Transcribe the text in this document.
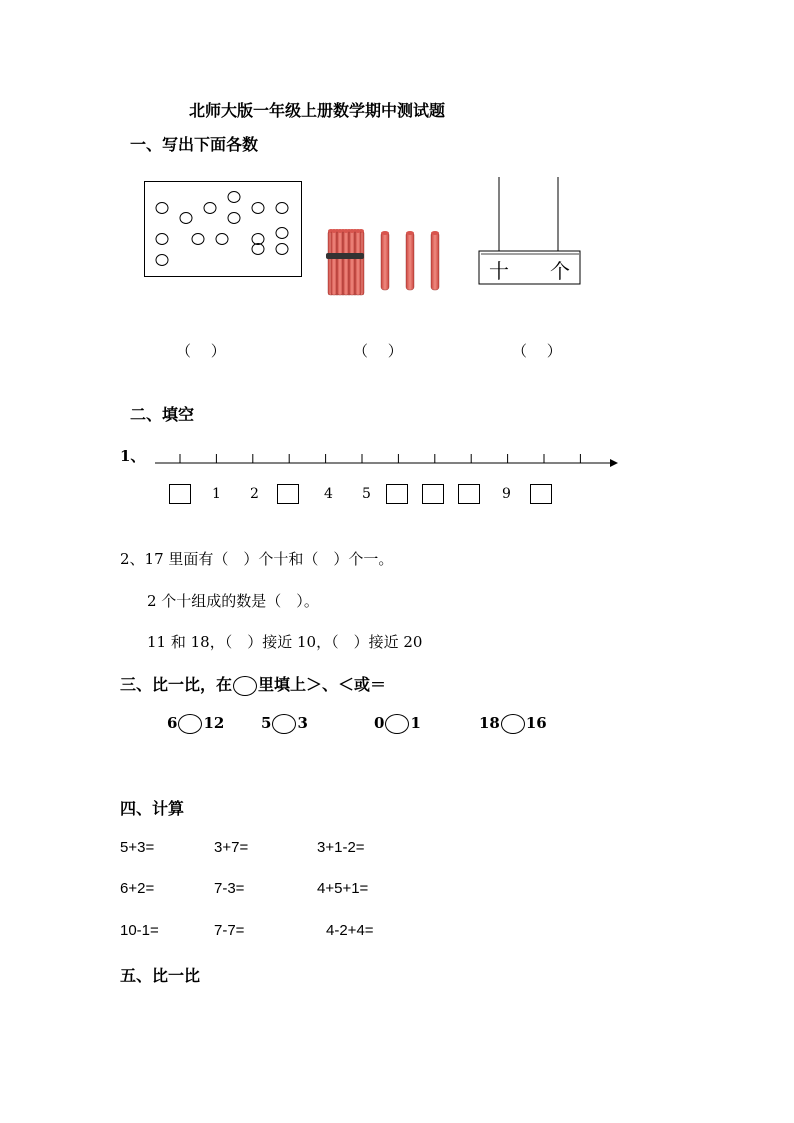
北师大版一年级上册数学期中测试题
一、写出下面各数
十 个
（　 ）	（　 ）	（　 ）
二、填空
1、
1 2	4 5	9
2、17 里面有（　）个十和（　）个一。
2 个十组成的数是（　）。
11 和 18，（　）接近 10，（　）接近 20
三、比一比，在 里填上＞、＜或＝
6 12 5 3	0 1	18 16
四、计算
5+3=	3+7=	3+1-2=
6+2=	7-3=	4+5+1=
10-1=	7-7=	4-2+4=
五、比一比
